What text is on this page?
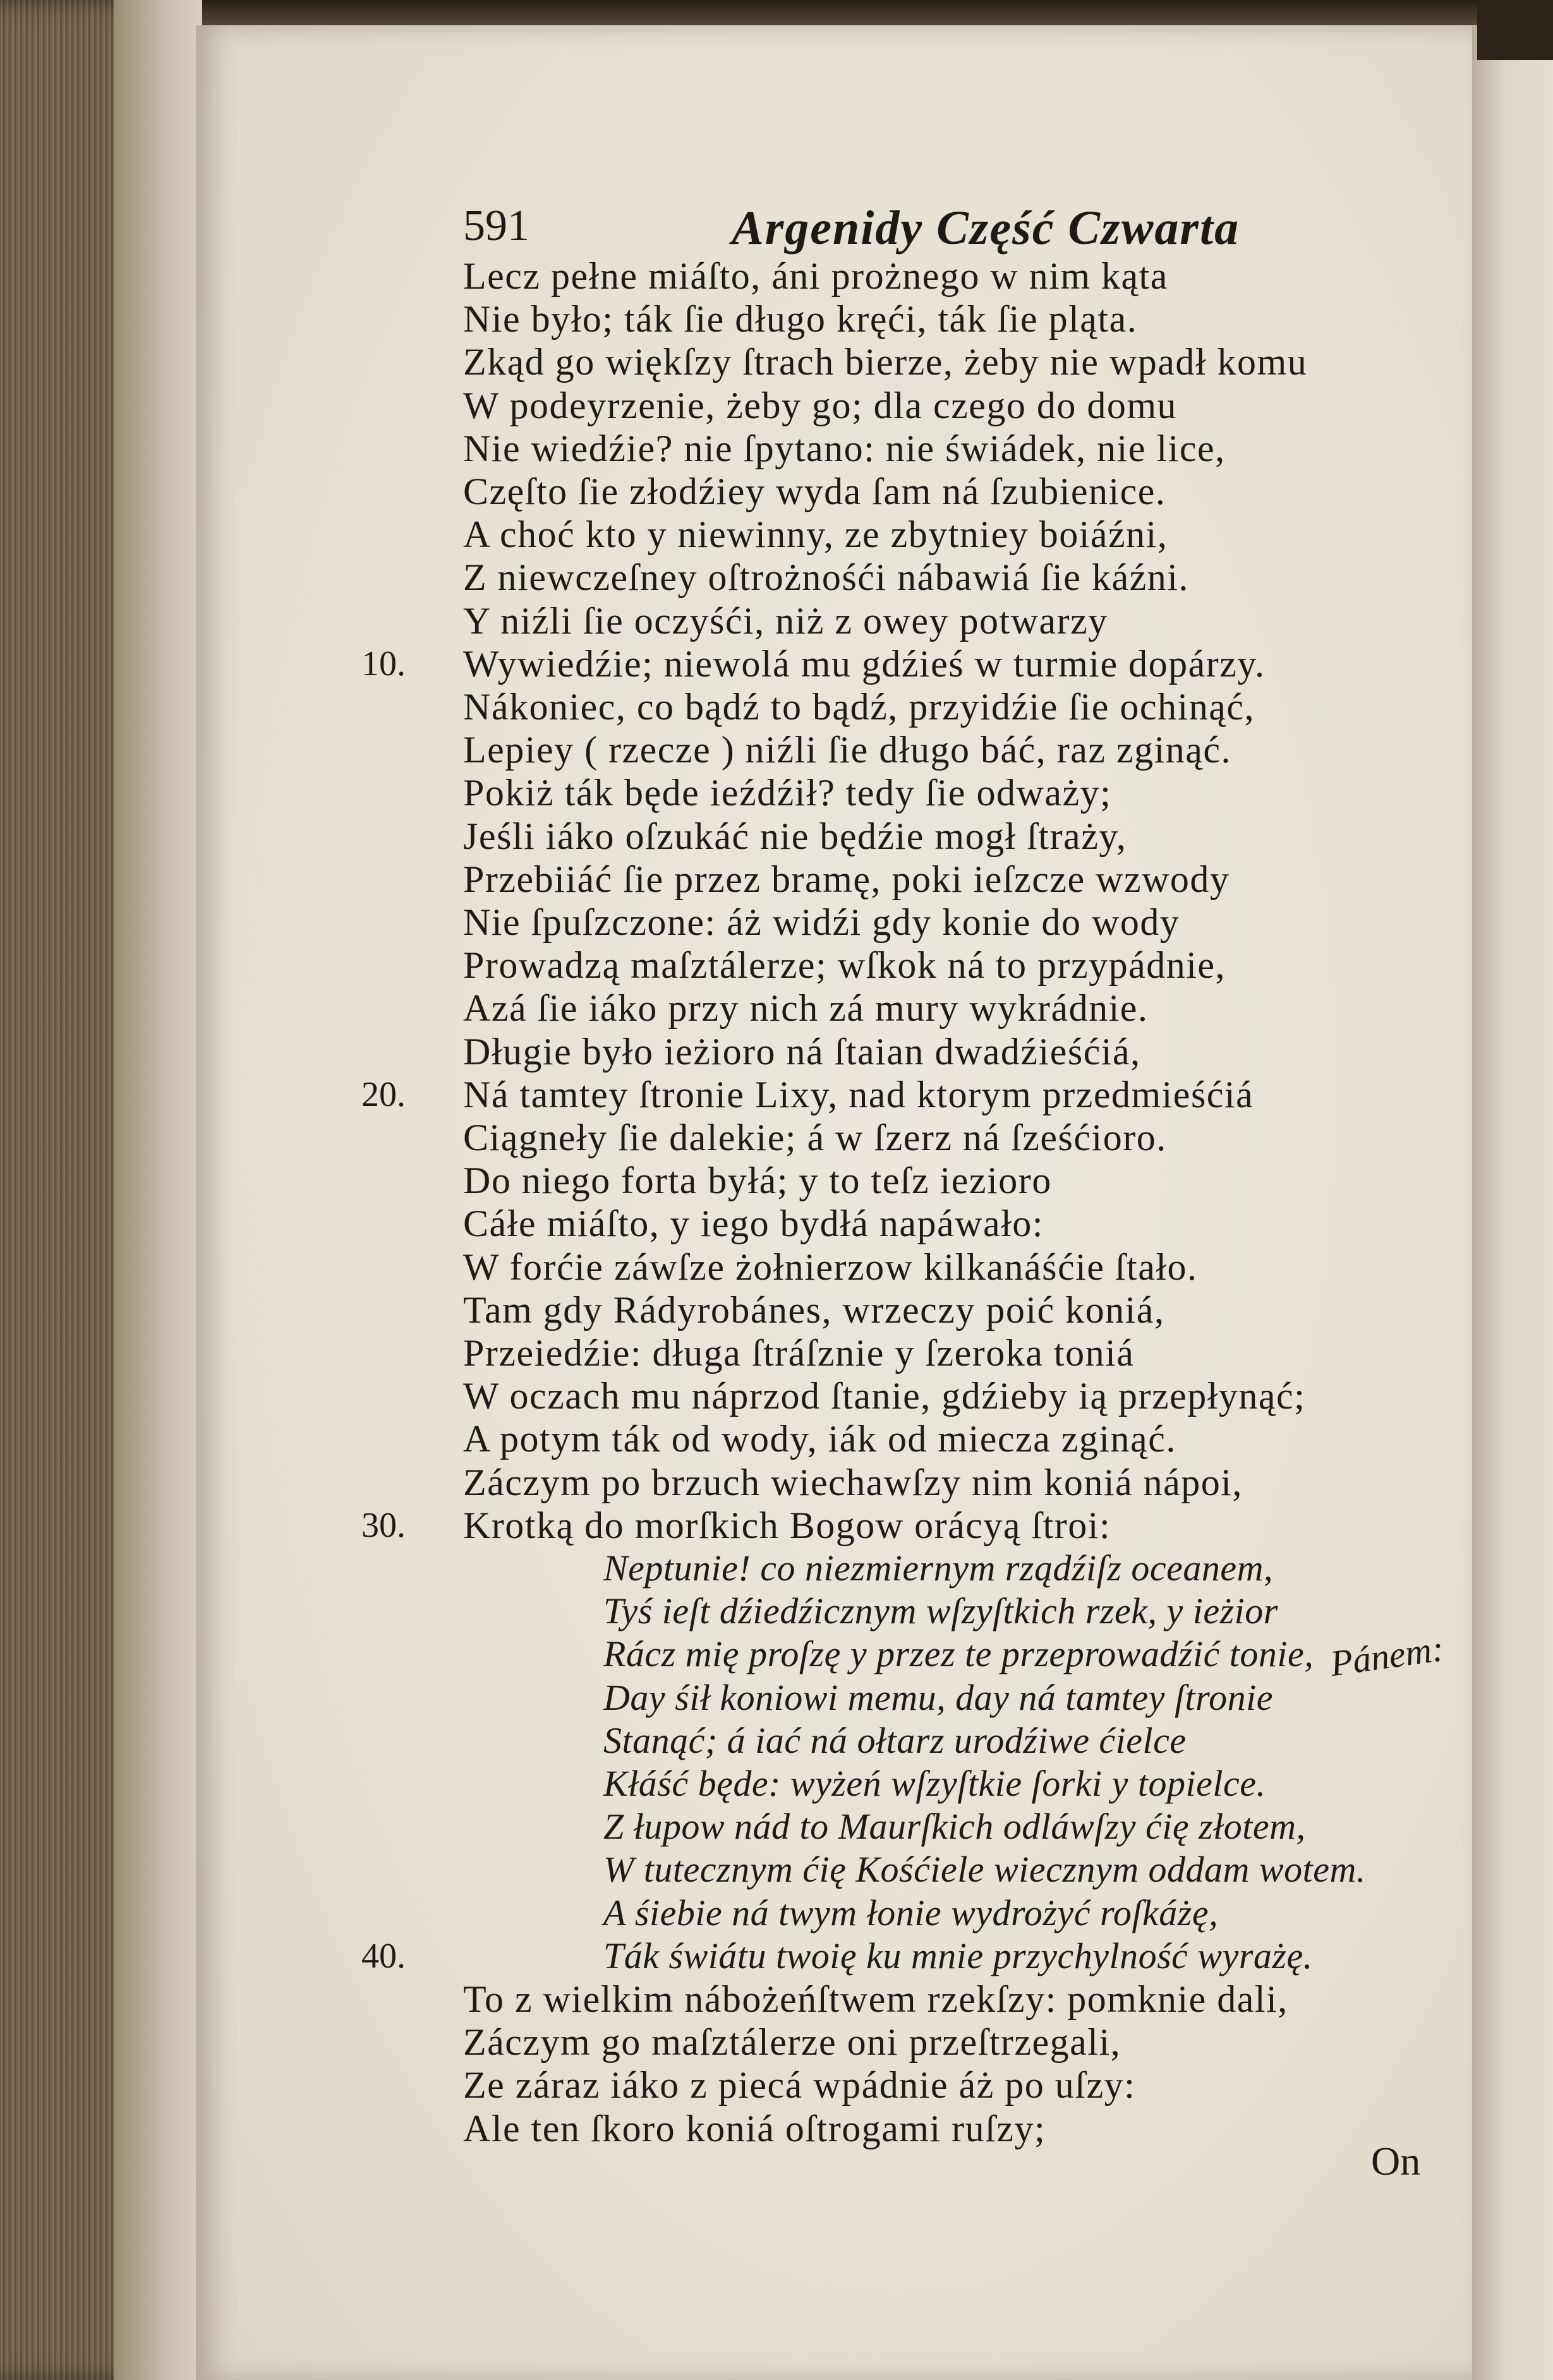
591	Argenidy Część Czwarta
Lecz pełne miáſto, áni prożnego w nim kąta
Nie było; ták ſie długo kręći, ták ſie pląta.
Zkąd go więkſzy ſtrach bierze, żeby nie wpadł komu
W podeyrzenie, żeby go; dla czego do domu
Nie wiedźie? nie ſpytano: nie świádek, nie lice,
Częſto ſie złodźiey wyda ſam ná ſzubienice.
A choć kto y niewinny, ze zbytniey boiáźni,
Z niewczeſney oſtrożnośći nábawiá ſie káźni.
Y niźli ſie oczyśći, niż z owey potwarzy
Wywiedźie; niewolá mu gdźieś w turmie dopárzy.
10.
Nákoniec, co bądź to bądź, przyidźie ſie ochinąć,
Lepiey ( rzecze ) niźli ſie długo báć, raz zginąć.
Pokiż ták będe ieźdźił? tedy ſie odważy;
Jeśli iáko oſzukáć nie będźie mogł ſtraży,
Przebiiáć ſie przez bramę, poki ieſzcze wzwody
Nie ſpuſzczone: áż widźi gdy konie do wody
Prowadzą maſztálerze; wſkok ná to przypádnie,
Azá ſie iáko przy nich zá mury wykrádnie.
Długie było ieżioro ná ſtaian dwadźieśćiá,
Ná tamtey ſtronie Lixy, nad ktorym przedmieśćiá
20.
Ciągneły ſie dalekie; á w ſzerz ná ſześćioro.
Do niego forta byłá; y to teſz iezioro
Cáłe miáſto, y iego bydłá napáwało:
W forćie záwſze żołnierzow kilkanáśćie ſtało.
Tam gdy Rádyrobánes, wrzeczy poić koniá,
Przeiedźie: długa ſtráſznie y ſzeroka toniá
W oczach mu náprzod ſtanie, gdźieby ią przepłynąć;
A potym ták od wody, iák od miecza zginąć.
Záczym po brzuch wiechawſzy nim koniá nápoi,
Krotką do morſkich Bogow orácyą ſtroi:
30.
Neptunie! co niezmiernym rządźiſz oceanem,
Tyś ieſt dźiedźicznym wſzyſtkich rzek, y ieżior
Rácz mię proſzę y przez te przeprowadźić tonie,
Day śił koniowi memu, day ná tamtey ſtronie
Stanąć; á iać ná ołtarz urodźiwe ćielce
Kłáść będe: wyżeń wſzyſtkie ſorki y topielce.
Z łupow nád to Maurſkich odláwſzy ćię złotem,
W tutecznym ćię Kośćiele wiecznym oddam wotem.
A śiebie ná twym łonie wydrożyć roſkáżę,
Ták świátu twoię ku mnie przychylność wyrażę.
40.
To z wielkim nábożeńſtwem rzekſzy: pomknie dali,
Záczym go maſztálerze oni przeſtrzegali,
Ze záraz iáko z piecá wpádnie áż po uſzy:
Ale ten ſkoro koniá oſtrogami ruſzy;
Pánem:
On
